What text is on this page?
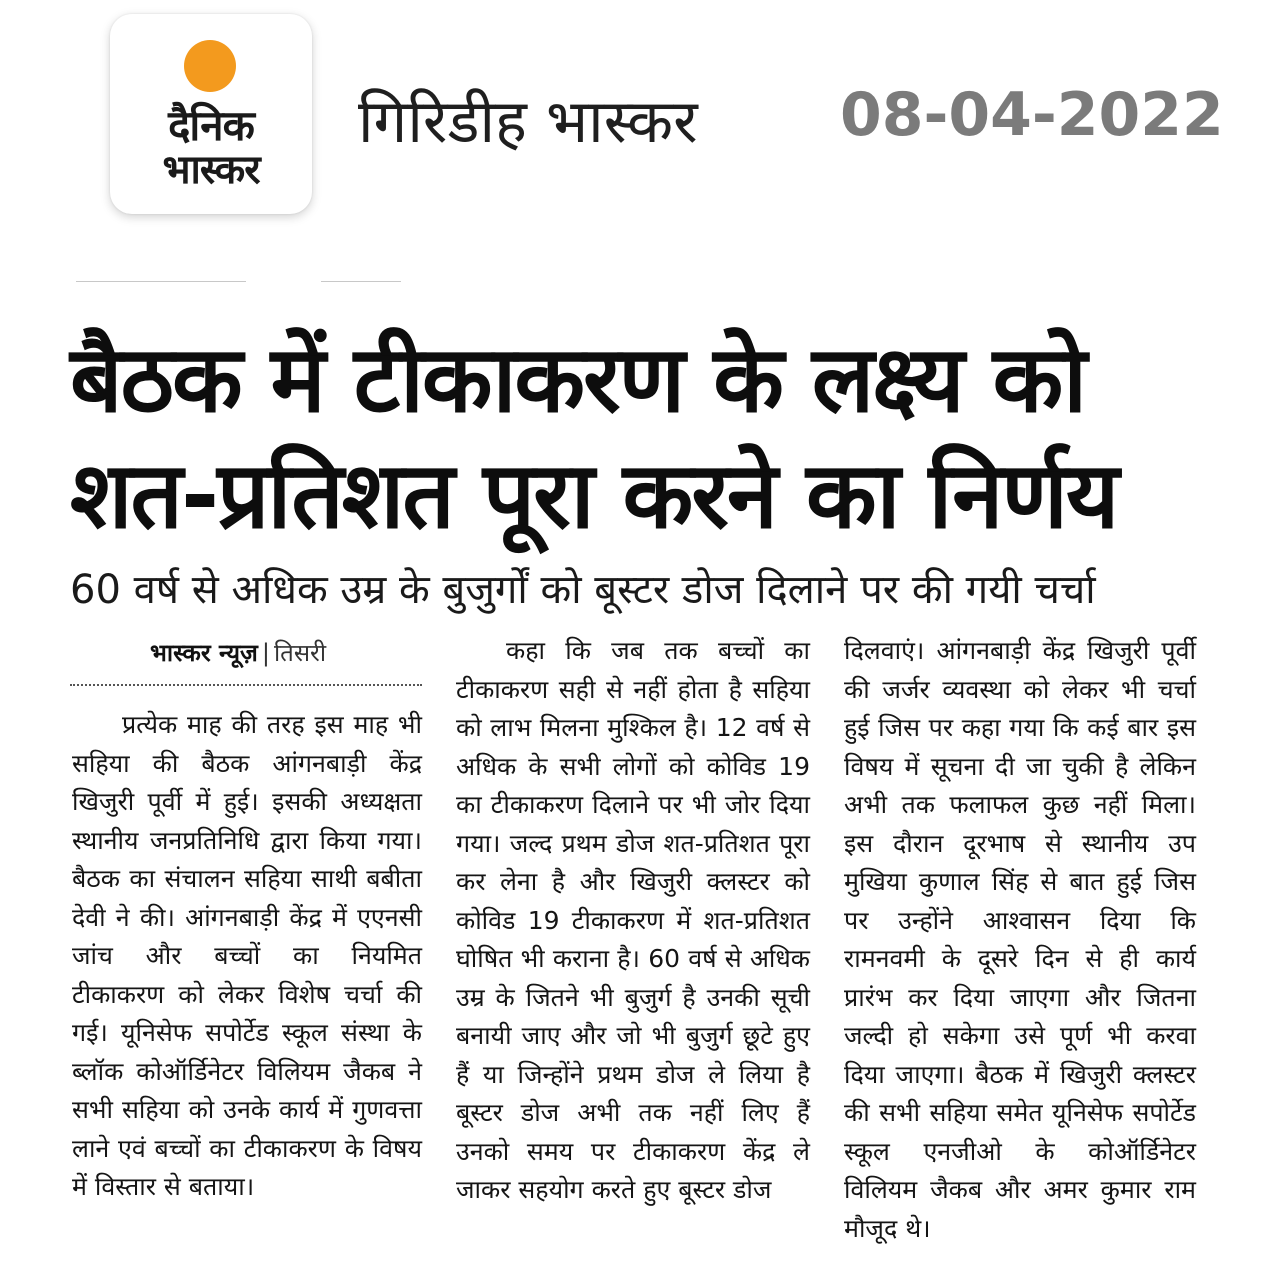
दैनिक
भास्कर
गिरिडीह भास्कर 08-04-2022

बैठक में टीकाकरण के लक्ष्य को शत-प्रतिशत पूरा करने का निर्णय
60 वर्ष से अधिक उम्र के बुजुर्गों को बूस्टर डोज दिलाने पर की गयी चर्चा
भास्कर न्यूज़ | तिसरी
प्रत्येक माह की तरह इस माह भी सहिया की बैठक आंगनबाड़ी केंद्र खिजुरी पूर्वी में हुई। इसकी अध्यक्षता स्थानीय जनप्रतिनिधि द्वारा किया गया। बैठक का संचालन सहिया साथी बबीता देवी ने की। आंगनबाड़ी केंद्र में एएनसी जांच और बच्चों का नियमित टीकाकरण को लेकर विशेष चर्चा की गई। यूनिसेफ सपोर्टेड स्कूल संस्था के ब्लॉक कोऑर्डिनेटर विलियम जैकब ने सभी सहिया को उनके कार्य में गुणवत्ता लाने एवं बच्चों का टीकाकरण के विषय में विस्तार से बताया।
कहा कि जब तक बच्चों का टीकाकरण सही से नहीं होता है सहिया को लाभ मिलना मुश्किल है। 12 वर्ष से अधिक के सभी लोगों को कोविड 19 का टीकाकरण दिलाने पर भी जोर दिया गया। जल्द प्रथम डोज शत-प्रतिशत पूरा कर लेना है और खिजुरी क्लस्टर को कोविड 19 टीकाकरण में शत-प्रतिशत घोषित भी कराना है। 60 वर्ष से अधिक उम्र के जितने भी बुजुर्ग है उनकी सूची बनायी जाए और जो भी बुजुर्ग छूटे हुए हैं या जिन्होंने प्रथम डोज ले लिया है बूस्टर डोज अभी तक नहीं लिए हैं उनको समय पर टीकाकरण केंद्र ले जाकर सहयोग करते हुए बूस्टर डोज
दिलवाएं। आंगनबाड़ी केंद्र खिजुरी पूर्वी की जर्जर व्यवस्था को लेकर भी चर्चा हुई जिस पर कहा गया कि कई बार इस विषय में सूचना दी जा चुकी है लेकिन अभी तक फलाफल कुछ नहीं मिला। इस दौरान दूरभाष से स्थानीय उप मुखिया कुणाल सिंह से बात हुई जिस पर उन्होंने आश्वासन दिया कि रामनवमी के दूसरे दिन से ही कार्य प्रारंभ कर दिया जाएगा और जितना जल्दी हो सकेगा उसे पूर्ण भी करवा दिया जाएगा। बैठक में खिजुरी क्लस्टर की सभी सहिया समेत यूनिसेफ सपोर्टेड स्कूल एनजीओ के कोऑर्डिनेटर विलियम जैकब और अमर कुमार राम मौजूद थे।
